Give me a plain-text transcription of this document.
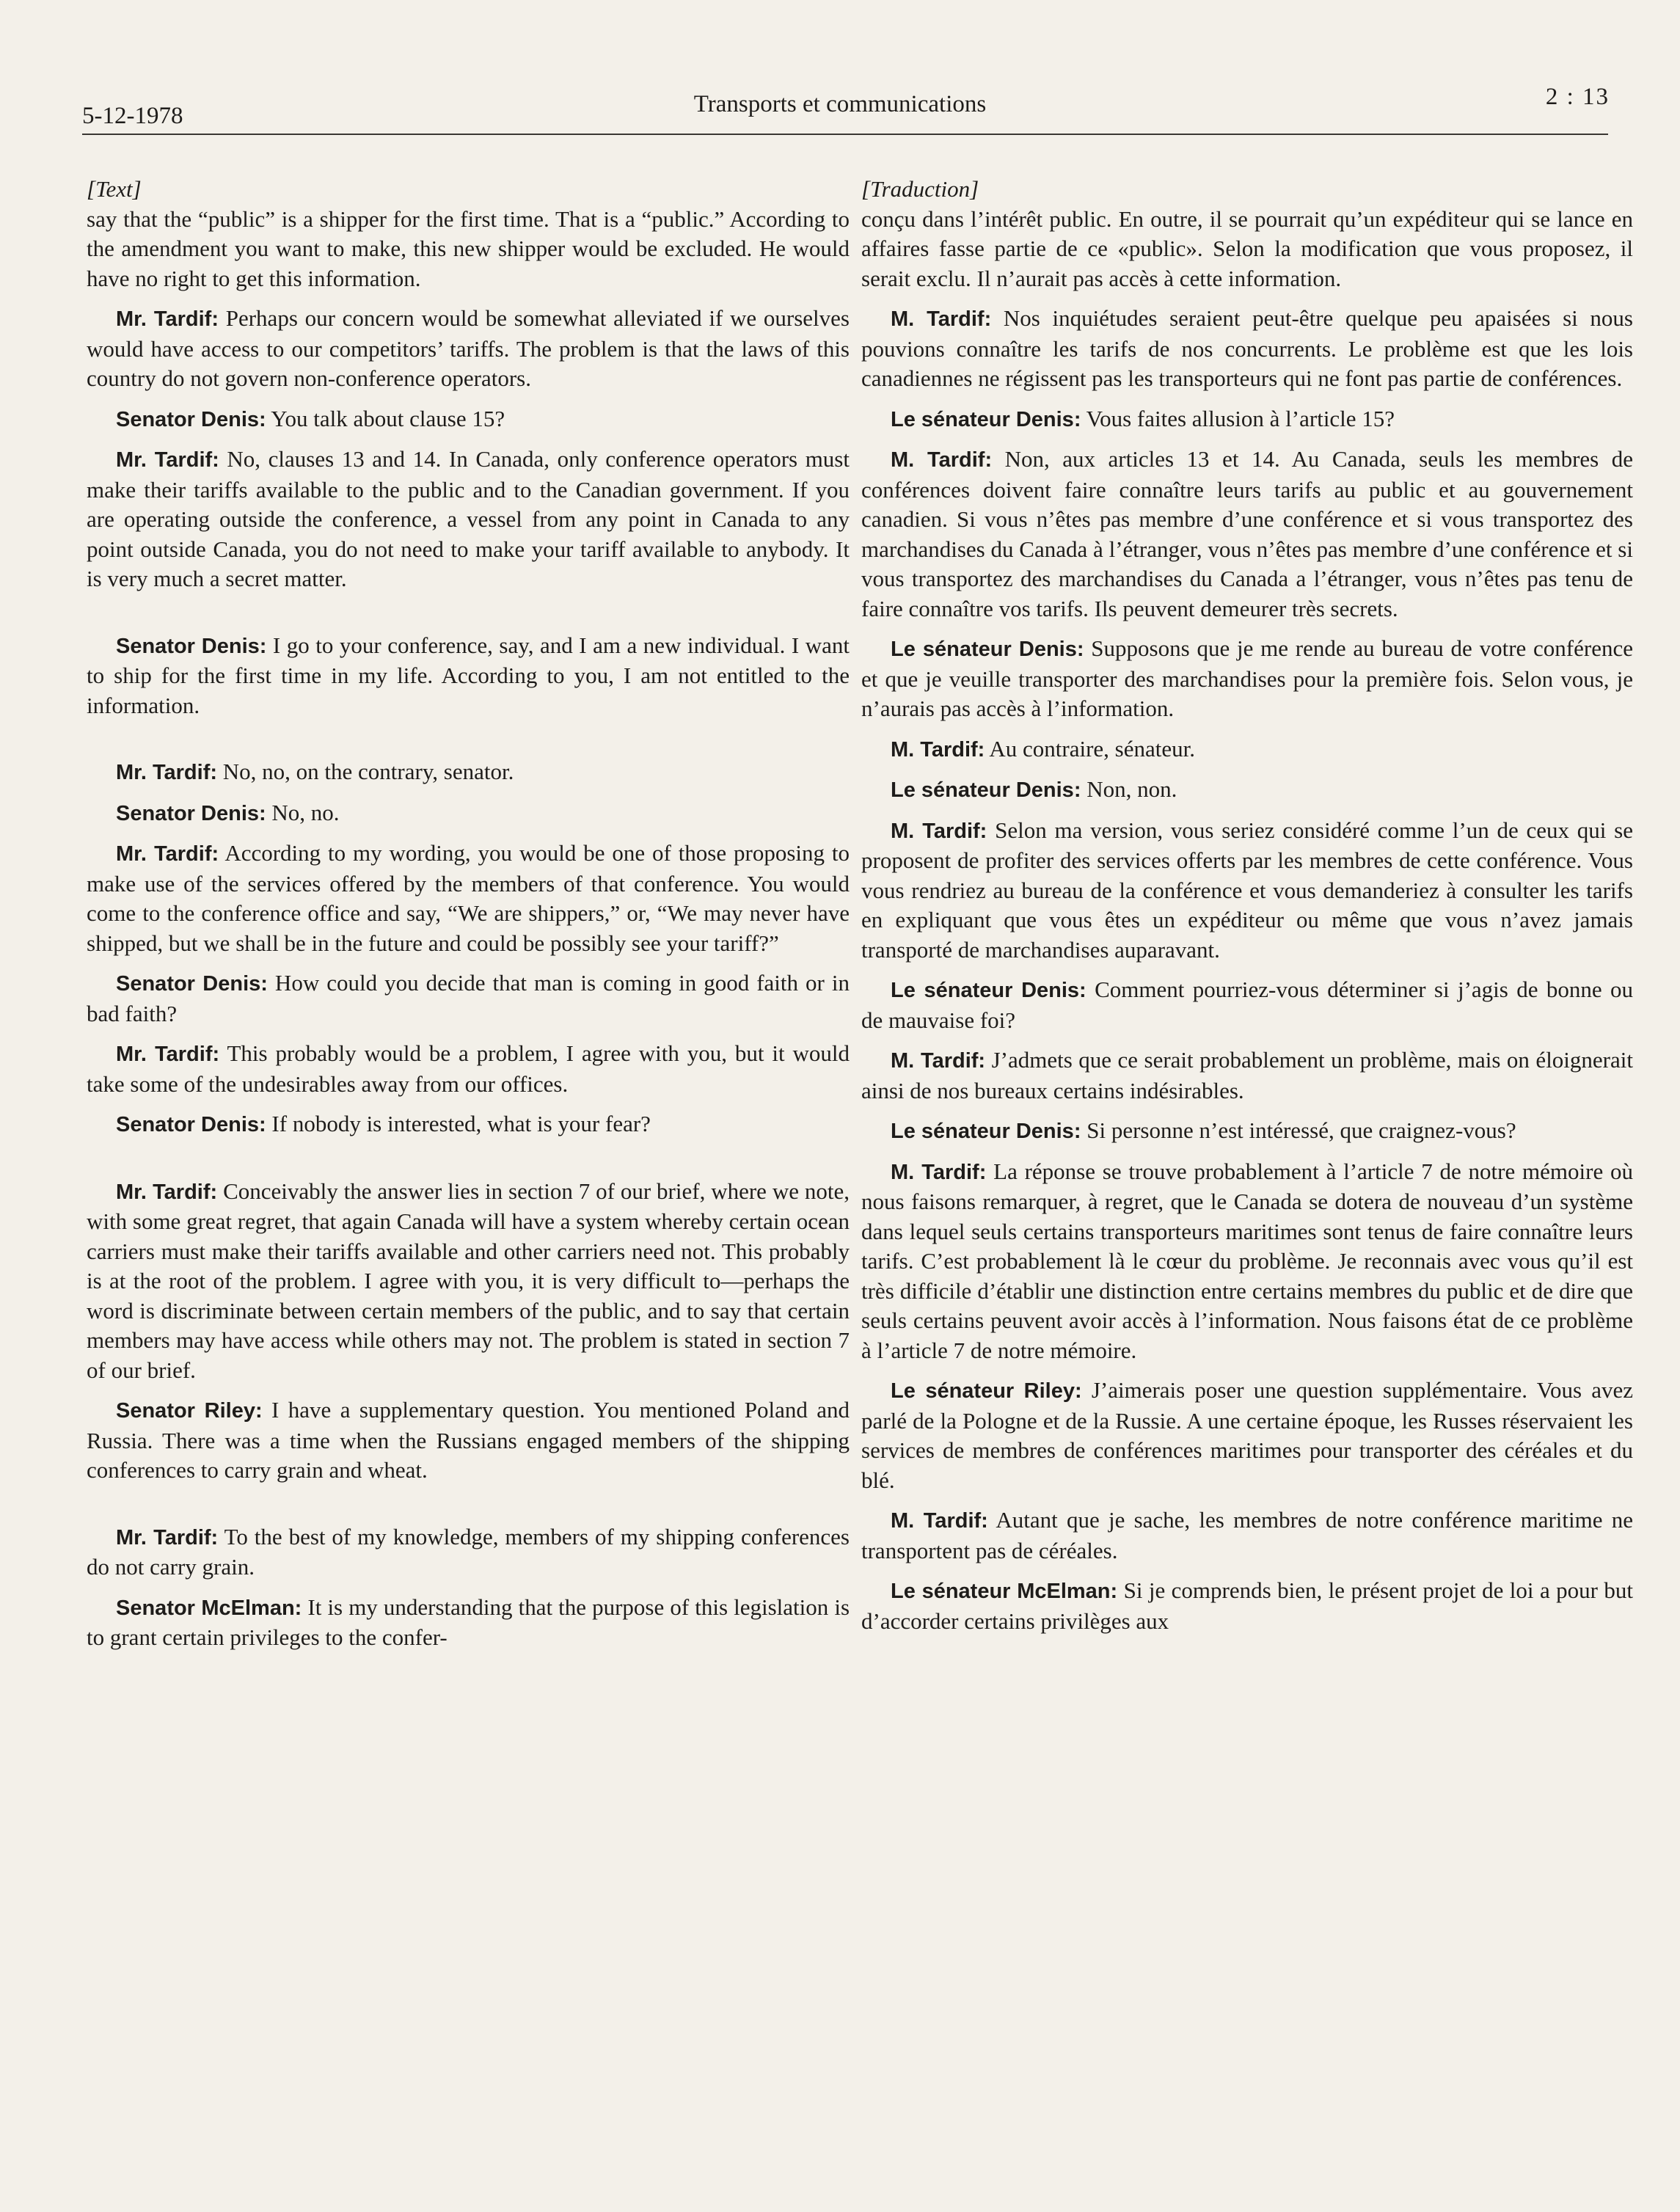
5-12-1978	Transports et communications	2 : 13

[Text]

say that the “public” is a shipper for the first time. That is a “public.” According to the amendment you want to make, this new shipper would be excluded. He would have no right to get this information.

Mr. Tardif: Perhaps our concern would be somewhat alleviated if we ourselves would have access to our competitors’ tariffs. The problem is that the laws of this country do not govern non-conference operators.

Senator Denis: You talk about clause 15?

Mr. Tardif: No, clauses 13 and 14. In Canada, only conference operators must make their tariffs available to the public and to the Canadian government. If you are operating outside the conference, a vessel from any point in Canada to any point outside Canada, you do not need to make your tariff available to anybody. It is very much a secret matter.

Senator Denis: I go to your conference, say, and I am a new individual. I want to ship for the first time in my life. According to you, I am not entitled to the information.

Mr. Tardif: No, no, on the contrary, senator.

Senator Denis: No, no.

Mr. Tardif: According to my wording, you would be one of those proposing to make use of the services offered by the members of that conference. You would come to the conference office and say, “We are shippers,” or, “We may never have shipped, but we shall be in the future and could be possibly see your tariff?”

Senator Denis: How could you decide that man is coming in good faith or in bad faith?

Mr. Tardif: This probably would be a problem, I agree with you, but it would take some of the undesirables away from our offices.

Senator Denis: If nobody is interested, what is your fear?

Mr. Tardif: Conceivably the answer lies in section 7 of our brief, where we note, with some great regret, that again Canada will have a system whereby certain ocean carriers must make their tariffs available and other carriers need not. This probably is at the root of the problem. I agree with you, it is very difficult to—perhaps the word is discriminate between certain members of the public, and to say that certain members may have access while others may not. The problem is stated in section 7 of our brief.

Senator Riley: I have a supplementary question. You mentioned Poland and Russia. There was a time when the Russians engaged members of the shipping conferences to carry grain and wheat.

Mr. Tardif: To the best of my knowledge, members of my shipping conferences do not carry grain.

Senator McElman: It is my understanding that the purpose of this legislation is to grant certain privileges to the confer-

[Traduction]

conçu dans l’intérêt public. En outre, il se pourrait qu’un expéditeur qui se lance en affaires fasse partie de ce «public». Selon la modification que vous proposez, il serait exclu. Il n’aurait pas accès à cette information.

M. Tardif: Nos inquiétudes seraient peut-être quelque peu apaisées si nous pouvions connaître les tarifs de nos concurrents. Le problème est que les lois canadiennes ne régissent pas les transporteurs qui ne font pas partie de conférences.

Le sénateur Denis: Vous faites allusion à l’article 15?

M. Tardif: Non, aux articles 13 et 14. Au Canada, seuls les membres de conférences doivent faire connaître leurs tarifs au public et au gouvernement canadien. Si vous n’êtes pas membre d’une conférence et si vous transportez des marchandises du Canada à l’étranger, vous n’êtes pas membre d’une conférence et si vous transportez des marchandises du Canada a l’étranger, vous n’êtes pas tenu de faire connaître vos tarifs. Ils peuvent demeurer très secrets.

Le sénateur Denis: Supposons que je me rende au bureau de votre conférence et que je veuille transporter des marchandises pour la première fois. Selon vous, je n’aurais pas accès à l’information.

M. Tardif: Au contraire, sénateur.

Le sénateur Denis: Non, non.

M. Tardif: Selon ma version, vous seriez considéré comme l’un de ceux qui se proposent de profiter des services offerts par les membres de cette conférence. Vous vous rendriez au bureau de la conférence et vous demanderiez à consulter les tarifs en expliquant que vous êtes un expéditeur ou même que vous n’avez jamais transporté de marchandises auparavant.

Le sénateur Denis: Comment pourriez-vous déterminer si j’agis de bonne ou de mauvaise foi?

M. Tardif: J’admets que ce serait probablement un problème, mais on éloignerait ainsi de nos bureaux certains indésirables.

Le sénateur Denis: Si personne n’est intéressé, que craignez-vous?

M. Tardif: La réponse se trouve probablement à l’article 7 de notre mémoire où nous faisons remarquer, à regret, que le Canada se dotera de nouveau d’un système dans lequel seuls certains transporteurs maritimes sont tenus de faire connaître leurs tarifs. C’est probablement là le cœur du problème. Je reconnais avec vous qu’il est très difficile d’établir une distinction entre certains membres du public et de dire que seuls certains peuvent avoir accès à l’information. Nous faisons état de ce problème à l’article 7 de notre mémoire.

Le sénateur Riley: J’aimerais poser une question supplémentaire. Vous avez parlé de la Pologne et de la Russie. A une certaine époque, les Russes réservaient les services de membres de conférences maritimes pour transporter des céréales et du blé.

M. Tardif: Autant que je sache, les membres de notre conférence maritime ne transportent pas de céréales.

Le sénateur McElman: Si je comprends bien, le présent projet de loi a pour but d’accorder certains privilèges aux
